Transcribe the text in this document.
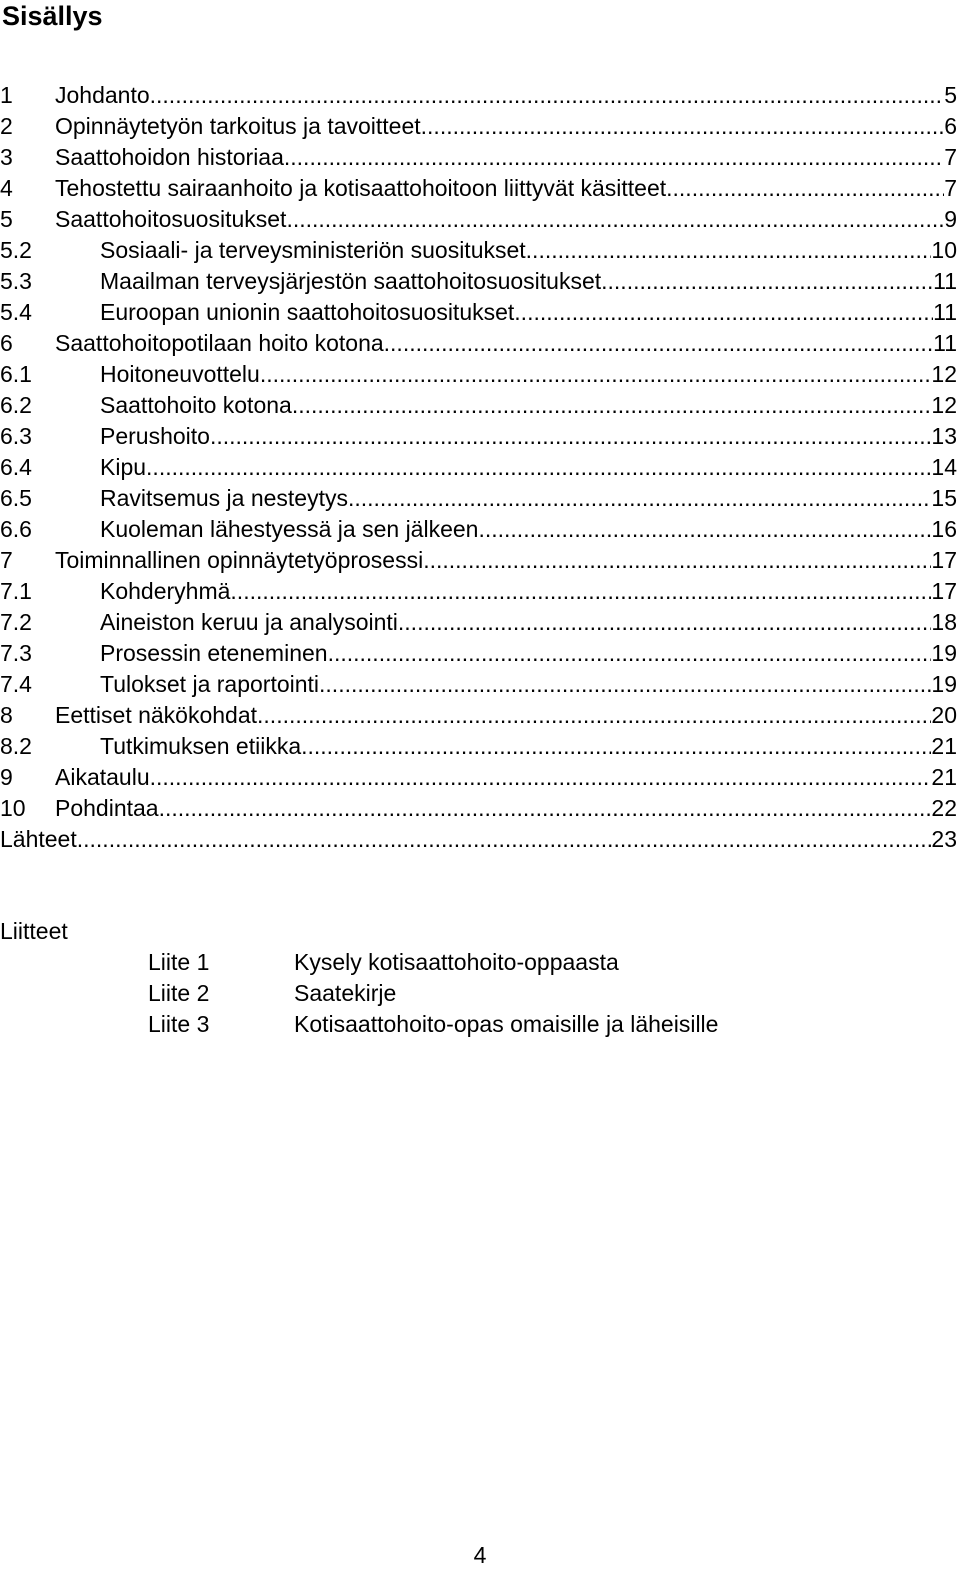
Sisällys
1 Johdanto .....	5
2 Opinnäytetyön tarkoitus ja tavoitteet .....	6
3 Saattohoidon historiaa .....	7
4 Tehostettu sairaanhoito ja kotisaattohoitoon liittyvät käsitteet .....	7
5 Saattohoitosuositukset .....	9
5.2	Sosiaali- ja terveysministeriön suositukset .....	10
5.3	Maailman terveysjärjestön saattohoitosuositukset .....	11
5.4	Euroopan unionin saattohoitosuositukset .....	11
6 Saattohoitopotilaan hoito kotona .....	11
6.1	Hoitoneuvottelu .....	12
6.2	Saattohoito kotona .....	12
6.3	Perushoito .....	13
6.4	Kipu .....	14
6.5	Ravitsemus ja nesteytys .....	15
6.6	Kuoleman lähestyessä ja sen jälkeen .....	16
7 Toiminnallinen opinnäytetyöprosessi .....	17
7.1	Kohderyhmä .....	17
7.2	Aineiston keruu ja analysointi .....	18
7.3	Prosessin eteneminen .....	19
7.4	Tulokset ja raportointi .....	19
8 Eettiset näkökohdat .....	20
8.2	Tutkimuksen etiikka .....	21
9 Aikataulu .....	21
10 Pohdintaa .....	22
Lähteet .....	23
Liitteet
Liite 1	Kysely kotisaattohoito-oppaasta
Liite 2	Saatekirje
Liite 3	Kotisaattohoito-opas omaisille ja läheisille
4
